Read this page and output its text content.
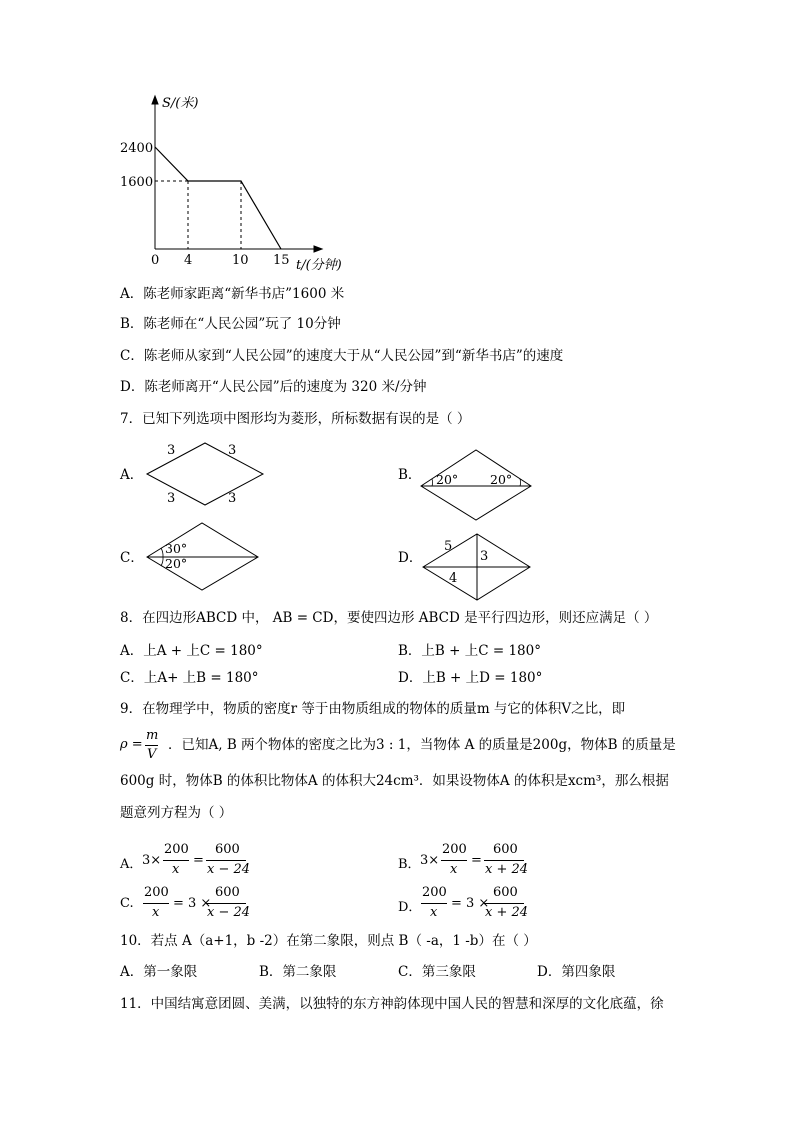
S/(米)
2400
1600
0 4	10 15 t/(分钟)
A．陈老师家距离“新华书店”1600 米
B．陈老师在“人民公园”玩了 10分钟
C．陈老师从家到“人民公园”的速度大于从“人民公园”到“新华书店”的速度
D．陈老师离开“人民公园”后的速度为 320 米/分钟
7．已知下列选项中图形均为菱形，所标数据有误的是（ ）
A．
3	3
3	3
B． 20°	20°
C．
30°
20°	D．
5
3
4
8．在四边形ABCD 中， AB = CD，要使四边形 ABCD 是平行四边形，则还应满足（ ）
A．上A + 上C = 180°	B．上B + 上C = 180°
C．上A+ 上B = 180°	D．上B + 上D = 180°
9．在物理学中，物质的密度r 等于由物质组成的物体的质量m 与它的体积V之比，即
ρ =
m
V
．已知A, B 两个物体的密度之比为3 : 1，当物体 A 的质量是200g，物体B 的质量是
600g 时，物体B 的体积比物体A 的体积大24cm³．如果设物体A 的体积是xcm³，那么根据
题意列方程为（ ）
A． 3×
200
x
=
600
x − 24	B． 3×
200
x
=
600
x + 24
C.
200
x
= 3 ×
600
x − 24	D．
200
x
= 3 ×
600
x + 24
10．若点 A（a+1，b -2）在第二象限，则点 B（ -a，1 -b）在（ ）
A．第一象限	B．第二象限	C．第三象限	D．第四象限
11．中国结寓意团圆、美满，以独特的东方神韵体现中国人民的智慧和深厚的文化底蕴，徐
